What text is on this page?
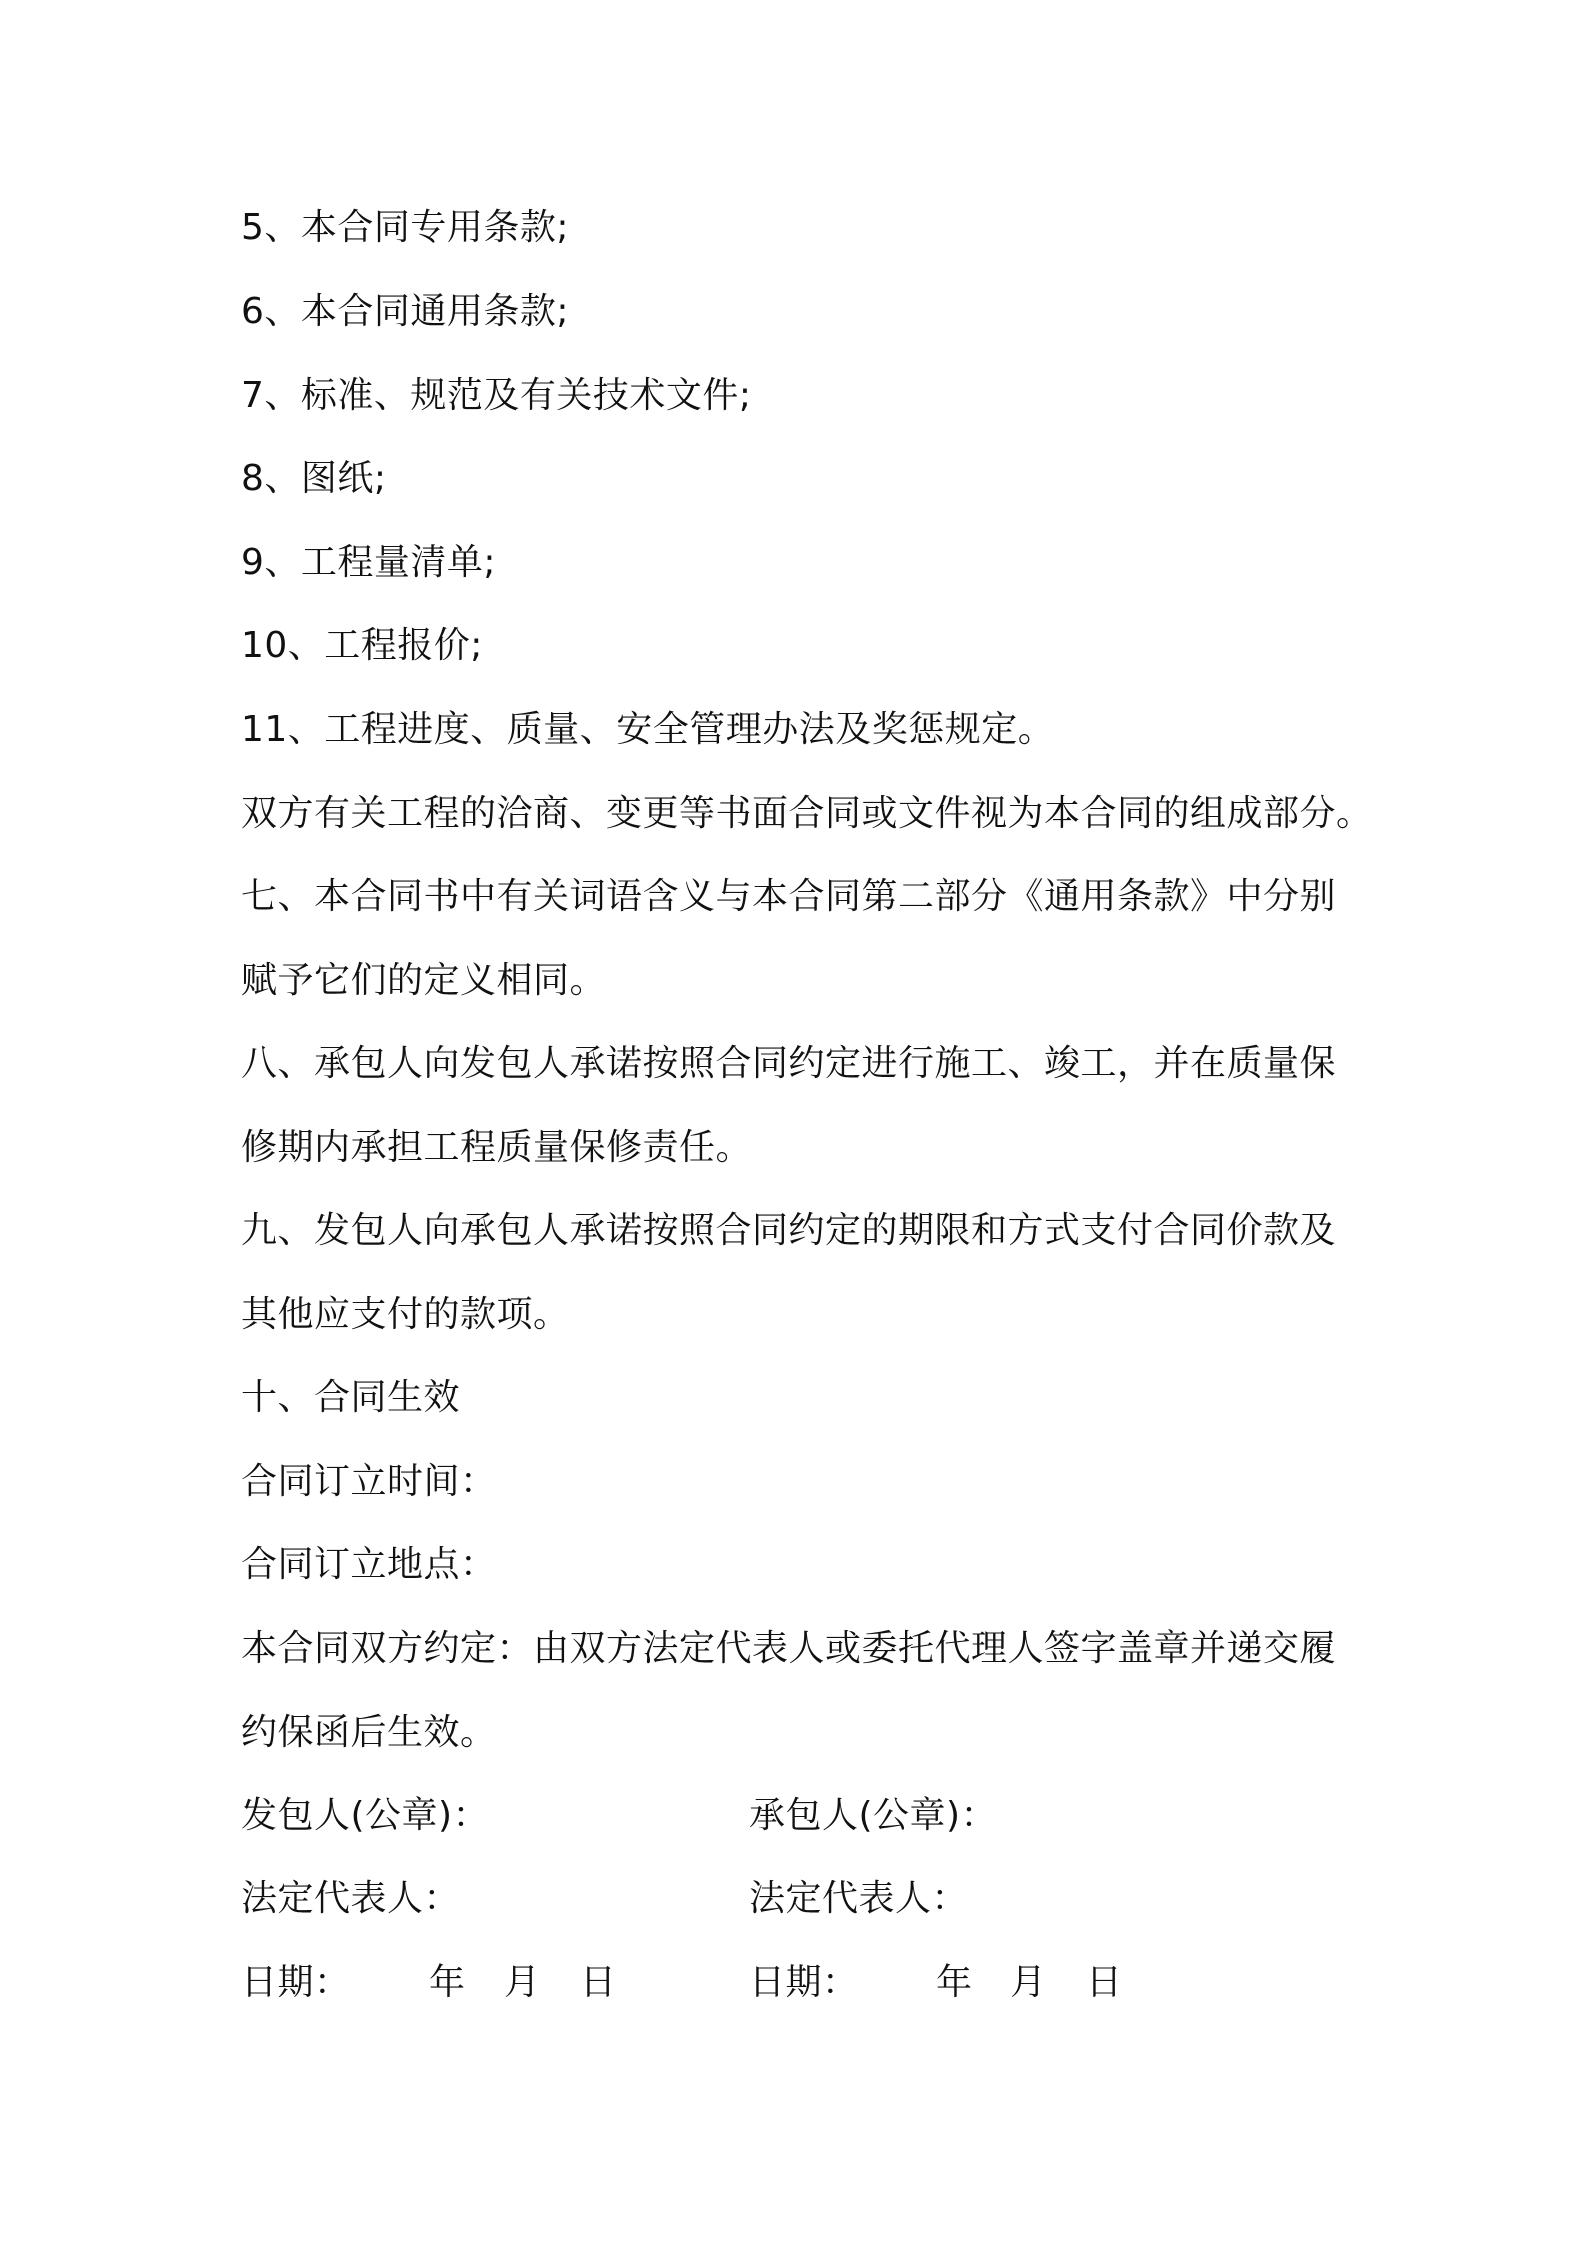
5、本合同专用条款;
6、本合同通用条款;
7、标准、规范及有关技术文件;
8、图纸;
9、工程量清单;
10、工程报价;
11、工程进度、质量、安全管理办法及奖惩规定。
双方有关工程的洽商、变更等书面合同或文件视为本合同的组成部分。
七、本合同书中有关词语含义与本合同第二部分《通用条款》中分别
赋予它们的定义相同。
八、承包人向发包人承诺按照合同约定进行施工、竣工，并在质量保
修期内承担工程质量保修责任。
九、发包人向承包人承诺按照合同约定的期限和方式支付合同价款及
其他应支付的款项。
十、合同生效
合同订立时间：
合同订立地点：
本合同双方约定：由双方法定代表人或委托代理人签字盖章并递交履
约保函后生效。
发包人(公章)：	承包人(公章)：
法定代表人：	法定代表人：
日期： 年 月 日	日期： 年 月 日
